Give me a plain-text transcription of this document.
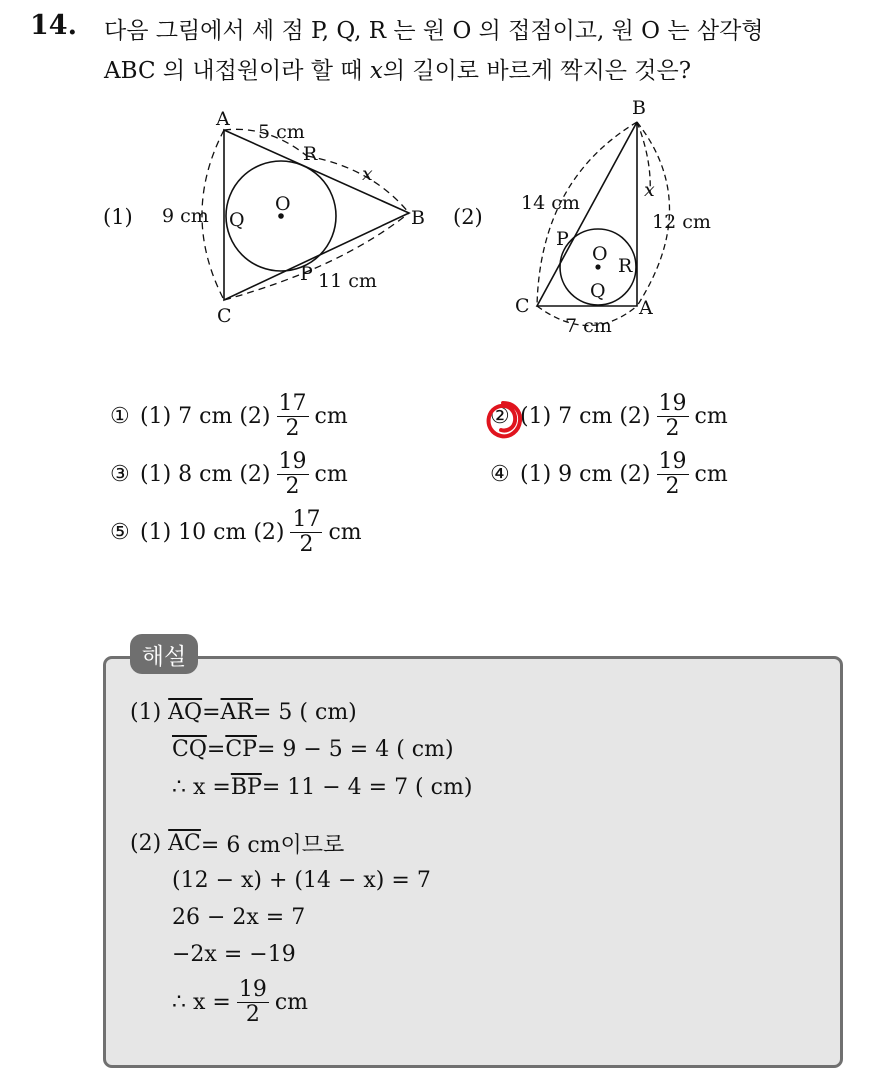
14. 다음 그림에서 세 점 P, Q, R 는 원 O 의 접점이고, 원 O 는 삼각형
ABC 의 내접원이라 할 때 x의 길이로 바르게 짝지은 것은?
A
B
C
O
P
Q
R
5 cm
9 cm
11 cm
x
(1)
B
A
C
O
P
Q
R
14 cm
12 cm
7 cm
x
(2)
① (1) 7 cm $(2) \frac{17}{2}$ cm	② (1) 7 cm $(2) \frac{19}{2}$ cm
③ (1) 8 cm $(2) \frac{19}{2}$ cm	④ (1) 9 cm $(2) \frac{19}{2}$ cm
⑤ (1) 10 cm $(2) \frac{17}{2}$ cm
해설
(1)
$\overline{AQ} = \overline{AR} = 5$ ( cm)
$\overline{CQ} = \overline{CP} = 9 - 5 = 4$ ( cm)
∴ $x = \overline{BP} = 11 - 4 = 7$ ( cm)
(2)
$\overline{AC} = 6$ cm이므로
(12 − x) + (14 − x) = 7
26 − 2x = 7
−2x = −19
∴ $x = \frac{19}{2}$ cm
